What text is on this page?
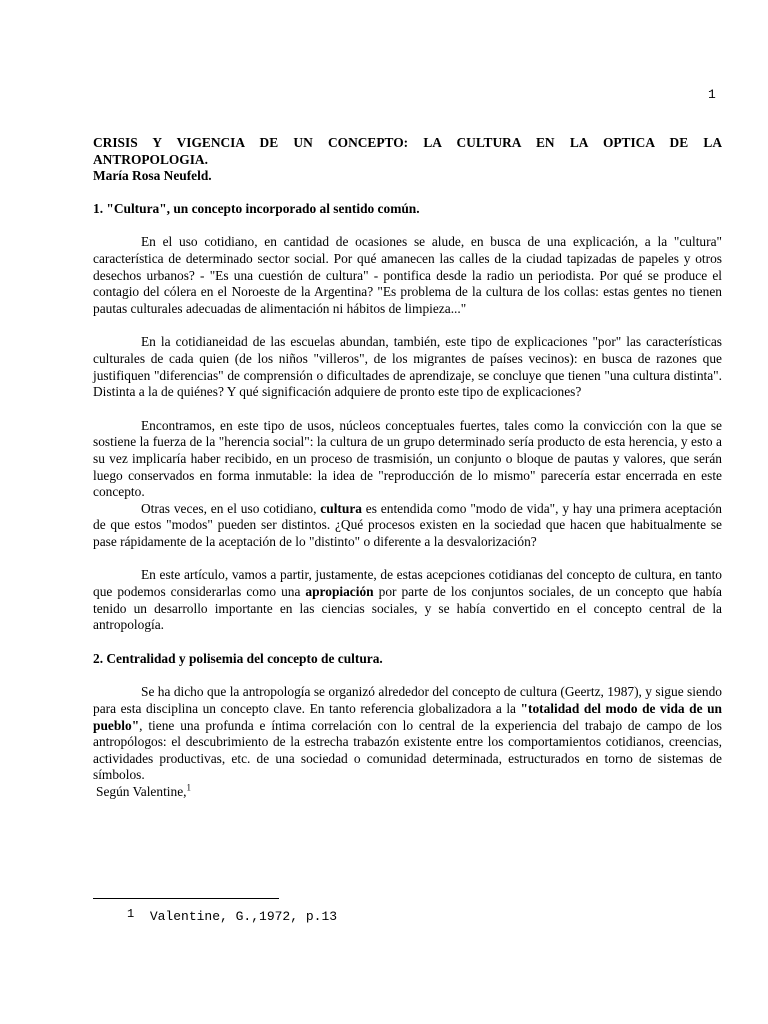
1
CRISIS Y VIGENCIA DE UN CONCEPTO: LA CULTURA EN LA OPTICA DE LA
ANTROPOLOGIA.
María Rosa Neufeld.

1. "Cultura", un concepto incorporado al sentido común.

En el uso cotidiano, en cantidad de ocasiones se alude, en busca de una explicación, a la "cultura" característica de determinado sector social. Por qué amanecen las calles de la ciudad tapizadas de papeles y otros desechos urbanos? - "Es una cuestión de cultura" - pontifica desde la radio un periodista. Por qué se produce el contagio del cólera en el Noroeste de la Argentina? "Es problema de la cultura de los collas: estas gentes no tienen pautas culturales adecuadas de alimentación ni hábitos de limpieza..."

En la cotidianeidad de las escuelas abundan, también, este tipo de explicaciones "por" las características culturales de cada quien (de los niños "villeros", de los migrantes de países vecinos): en busca de razones que justifiquen "diferencias" de comprensión o dificultades de aprendizaje, se concluye que tienen "una cultura distinta". Distinta a la de quiénes? Y qué significación adquiere de pronto este tipo de explicaciones?

Encontramos, en este tipo de usos, núcleos conceptuales fuertes, tales como la convicción con la que se sostiene la fuerza de la "herencia social": la cultura de un grupo determinado sería producto de esta herencia, y esto a su vez implicaría haber recibido, en un proceso de trasmisión, un conjunto o bloque de pautas y valores, que serán luego conservados en forma inmutable: la idea de "reproducción de lo mismo" parecería estar encerrada en este concepto.

Otras veces, en el uso cotidiano, cultura es entendida como "modo de vida", y hay una primera aceptación de que estos "modos" pueden ser distintos. ¿Qué procesos existen en la sociedad que hacen que habitualmente se pase rápidamente de la aceptación de lo "distinto" o diferente a la desvalorización?

En este artículo, vamos a partir, justamente, de estas acepciones cotidianas del concepto de cultura, en tanto que podemos considerarlas como una apropiación por parte de los conjuntos sociales, de un concepto que había tenido un desarrollo importante en las ciencias sociales, y se había convertido en el concepto central de la antropología.

2. Centralidad y polisemia del concepto de cultura.

Se ha dicho que la antropología se organizó alrededor del concepto de cultura (Geertz, 1987), y sigue siendo para esta disciplina un concepto clave. En tanto referencia globalizadora a la "totalidad del modo de vida de un pueblo", tiene una profunda e íntima correlación con lo central de la experiencia del trabajo de campo de los antropólogos: el descubrimiento de la estrecha trabazón existente entre los comportamientos cotidianos, creencias, actividades productivas, etc. de una sociedad o comunidad determinada, estructurados en torno de sistemas de símbolos.

Según Valentine,$^1$

1 Valentine, G.,1972, p.13
